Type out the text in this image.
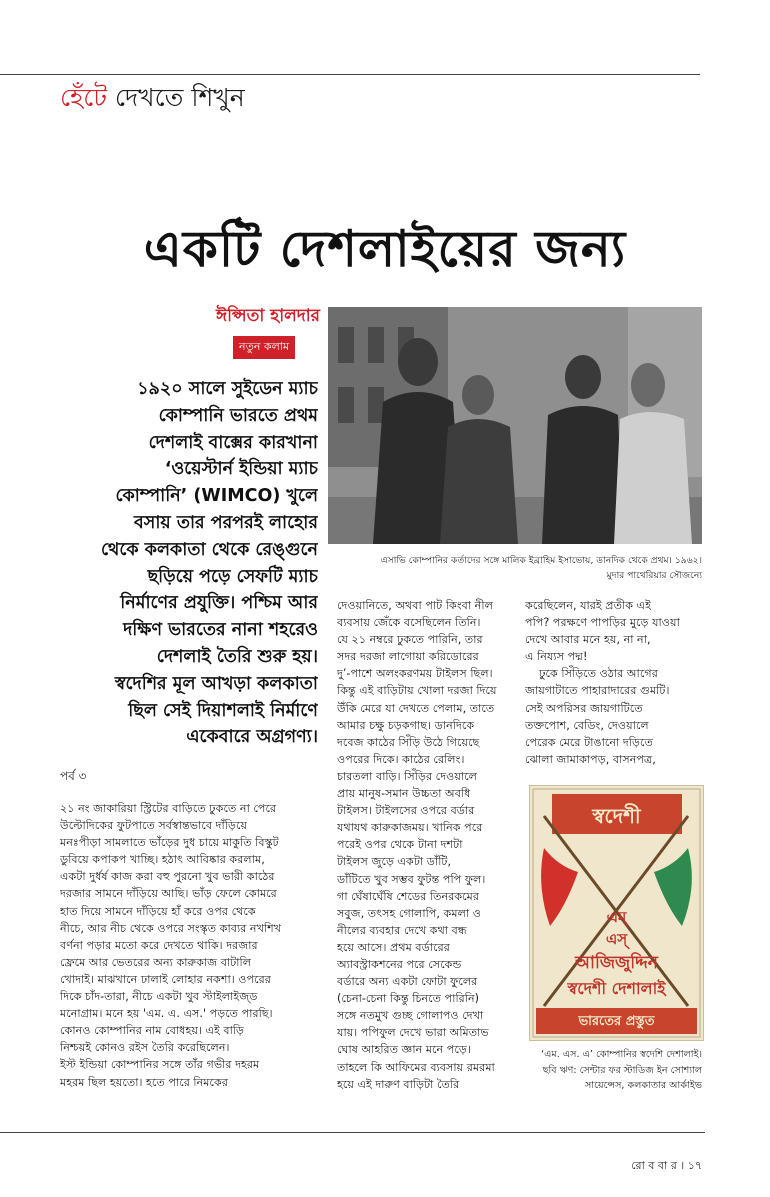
হেঁটে দেখতে শিখুন
একটি দেশলাইয়ের জন্য
ঈপ্সিতা হালদার
নতুন কলাম
এসাভি কোম্পানির কর্তাদের সঙ্গে মালিক ইব্রাহিম ইসাভোয়, ডানদিক থেকে প্রথম। ১৯৬২।
মুদার পাথেরিয়ার সৌজন্যে
১৯২০ সালে সুইডেন ম্যাচ
কোম্পানি ভারতে প্রথম
দেশলাই বাক্সের কারখানা
‘ওয়েস্টার্ন ইন্ডিয়া ম্যাচ
কোম্পানি’ (WIMCO) খুলে
বসায় তার পরপরই লাহোর
থেকে কলকাতা থেকে রেঙ্গুনে
ছড়িয়ে পড়ে সেফটি ম্যাচ
নির্মাণের প্রযুক্তি। পশ্চিম আর
দক্ষিণ ভারতের নানা শহরেও
দেশলাই তৈরি শুরু হয়।
স্বদেশির মূল আখড়া কলকাতা
ছিল সেই দিয়াশলাই নির্মাণে
একেবারে অগ্রগণ্য।
পর্ব ৩
২১ নং জাকারিয়া স্ট্রিটের বাড়িতে ঢুকতে না পেরে
উল্টোদিকের ফুটপাতে সর্বস্বান্তভাবে দাঁড়িয়ে
মনঃপীড়া সামলাতে ভাঁড়ের দুধ চায়ে মাকুতি বিস্কুট
ডুবিয়ে কপাকপ খাচ্ছি। হঠাৎ আবিষ্কার করলাম,
একটা দুর্ধর্ষ কাজ করা বহু পুরনো খুব ভারী কাঠের
দরজার সামনে দাঁড়িয়ে আছি। ভাঁড় ফেলে কোমরে
হাত দিয়ে সামনে দাঁড়িয়ে হাঁ করে ওপর থেকে
নীচে, আর নীচ থেকে ওপরে সংস্কৃত কাব্যর নখশিখ
বর্ণনা পড়ার মতো করে দেখতে থাকি। দরজার
ফ্রেমে আর ভেতরের অন্য কারুকাজ বাটালি
খোদাই। মাঝখানে ঢালাই লোহার নকশা। ওপরের
দিকে চাঁদ-তারা, নীচে একটা খুব স্টাইলাইজ্‌ড
মনোগ্রাম। মনে হয় 'এম. এ. এস.' পড়তে পারছি।
কোনও কোম্পানির নাম বোধহয়। এই বাড়ি
নিশ্চয়ই কোনও রইস তৈরি করেছিলেন।
ইস্ট ইন্ডিয়া কোম্পানির সঙ্গে তাঁর গভীর দহরম
মহরম ছিল হয়তো। হতে পারে নিমকের
দেওয়ানিতে, অথবা পাট কিংবা নীল
ব্যবসায় জেঁকে বসেছিলেন তিনি।
যে ২১ নম্বরে ঢুকতে পারিনি, তার
সদর দরজা লাগোয়া করিডোরের
দু’-পাশে অলংকরণময় টাইলস ছিল।
কিন্তু এই বাড়িটায় খোলা দরজা দিয়ে
উঁকি মেরে যা দেখতে পেলাম, তাতে
আমার চক্ষু চড়কগাছ। ডানদিকে
দবেজ কাঠের সিঁড়ি উঠে গিয়েছে
ওপরের দিকে। কাঠের রেলিং।
চারতলা বাড়ি। সিঁড়ির দেওয়ালে
প্রায় মানুষ-সমান উচ্চতা অবধি
টাইলস। টাইলসের ওপরে বর্ডার
যথাযথ কারুকাজময়। খানিক পরে
পরেই ওপর থেকে টানা দশটা
টাইলস জুড়ে একটা ডাঁটি,
ডাঁটিতে খুব সম্ভব ফুটন্ত পপি ফুল।
গা ঘেঁষাঘেঁষি শেডের তিনরকমের
সবুজ, তৎসহ গোলাপি, কমলা ও
নীলের ব্যবহার দেখে কথা বন্ধ
হয়ে আসে। প্রথম বর্ডারের
অ্যাবস্ট্রাকশনের পরে সেকেন্ড
বর্ডারে অন্য একটা ফোটা ফুলের
(চেনা-চেনা কিন্তু চিনতে পারিনি)
সঙ্গে নতমুখ গুচ্ছ গোলাপও দেখা
যায়। পপিফুল দেখে ভারা অমিতাভ
ঘোষ আহরিত জ্ঞান মনে পড়ে।
তাহলে কি আফিমের ব্যবসায় রমরমা
হয়ে এই দারুণ বাড়িটা তৈরি
করেছিলেন, যারই প্রতীক এই
পপি? পরক্ষণে পাপড়ির মুড়ে যাওয়া
দেখে আবার মনে হয়, না না,
এ নিয্যস পদ্ম!
ঢুকে সিঁড়িতে ওঠার আগের
জায়গাটাতে পাহারাদারের গুমটি।
সেই অপরিসর জায়গাটিতে
তক্তপোশ, বেডিং, দেওয়ালে
পেরেক মেরে টাঙানো দড়িতে
ঝোলা জামাকাপড়, বাসনপত্র,
স্বদেশী
এম্
এস্
আজিজুদ্দিন
স্বদেশী দেশালাই
ভারতের প্রস্তুত
‘এম. এস. এ’ কোম্পানির স্বদেশি দেশালাই।
ছবি ঋণ: সেন্টার ফর স্টাডিজ ইন সোশ্যাল
সায়েন্সেস, কলকাতার আর্কাইভ
রো ব বা র । ১৭
